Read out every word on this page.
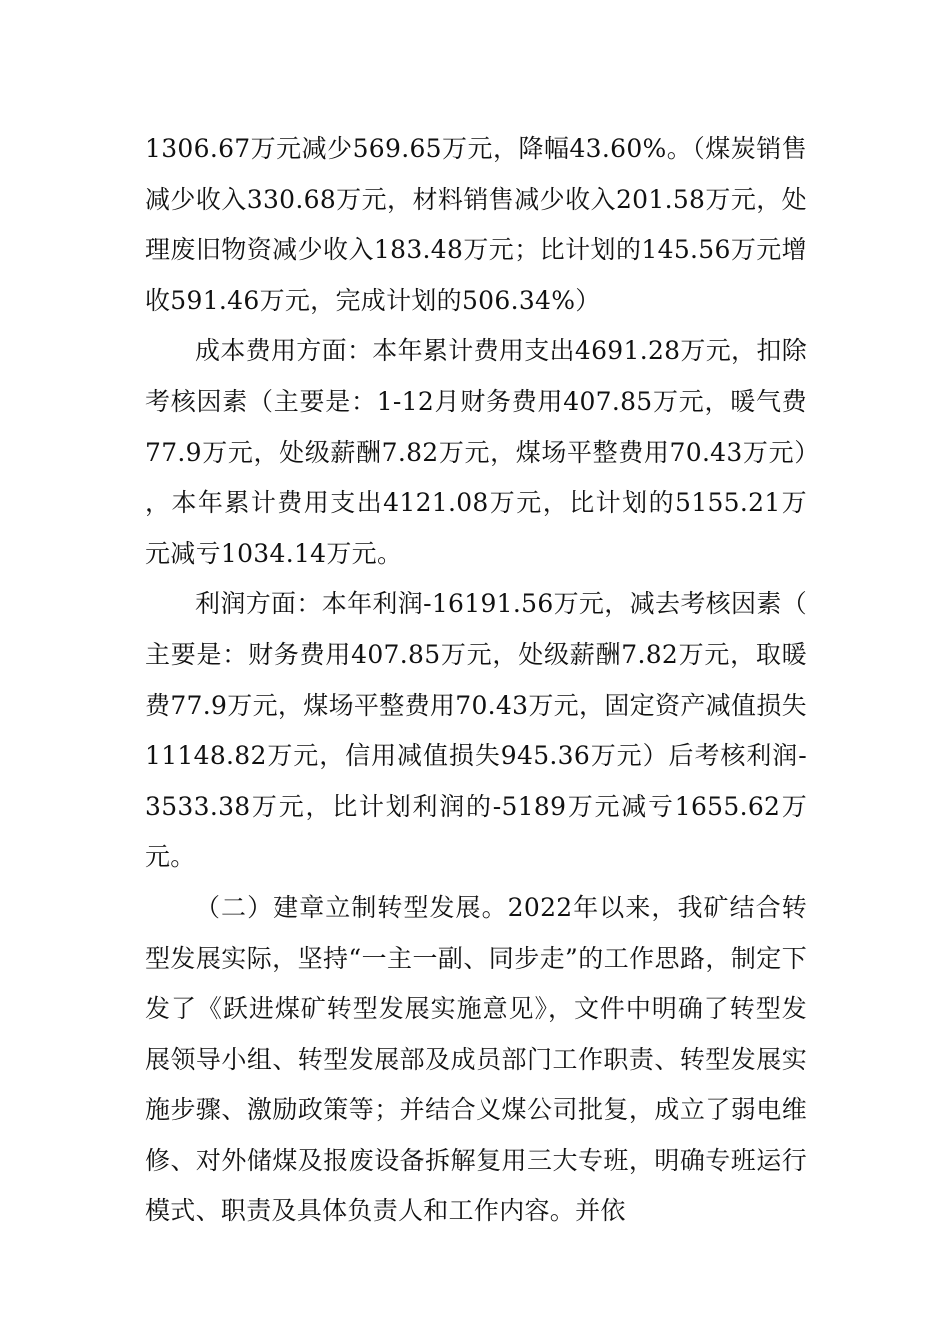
1306.67万元减少569.65万元，降幅43.60%。（煤炭销售减少收入330.68万元，材料销售减少收入201.58万元，处理废旧物资减少收入183.48万元；比计划的145.56万元增收591.46万元，完成计划的506.34%）

成本费用方面：本年累计费用支出4691.28万元，扣除考核因素（主要是：1-12月财务费用407.85万元，暖气费77.9万元，处级薪酬7.82万元，煤场平整费用70.43万元），本年累计费用支出4121.08万元，比计划的5155.21万元减亏1034.14万元。

利润方面：本年利润-16191.56万元，减去考核因素（主要是：财务费用407.85万元，处级薪酬7.82万元，取暖费77.9万元，煤场平整费用70.43万元，固定资产减值损失11148.82万元，信用减值损失945.36万元）后考核利润-3533.38万元，比计划利润的-5189万元减亏1655.62万元。

（二）建章立制转型发展。2022年以来，我矿结合转型发展实际，坚持“一主一副、同步走”的工作思路，制定下发了《跃进煤矿转型发展实施意见》，文件中明确了转型发展领导小组、转型发展部及成员部门工作职责、转型发展实施步骤、激励政策等；并结合义煤公司批复，成立了弱电维修、对外储煤及报废设备拆解复用三大专班，明确专班运行模式、职责及具体负责人和工作内容。并依
